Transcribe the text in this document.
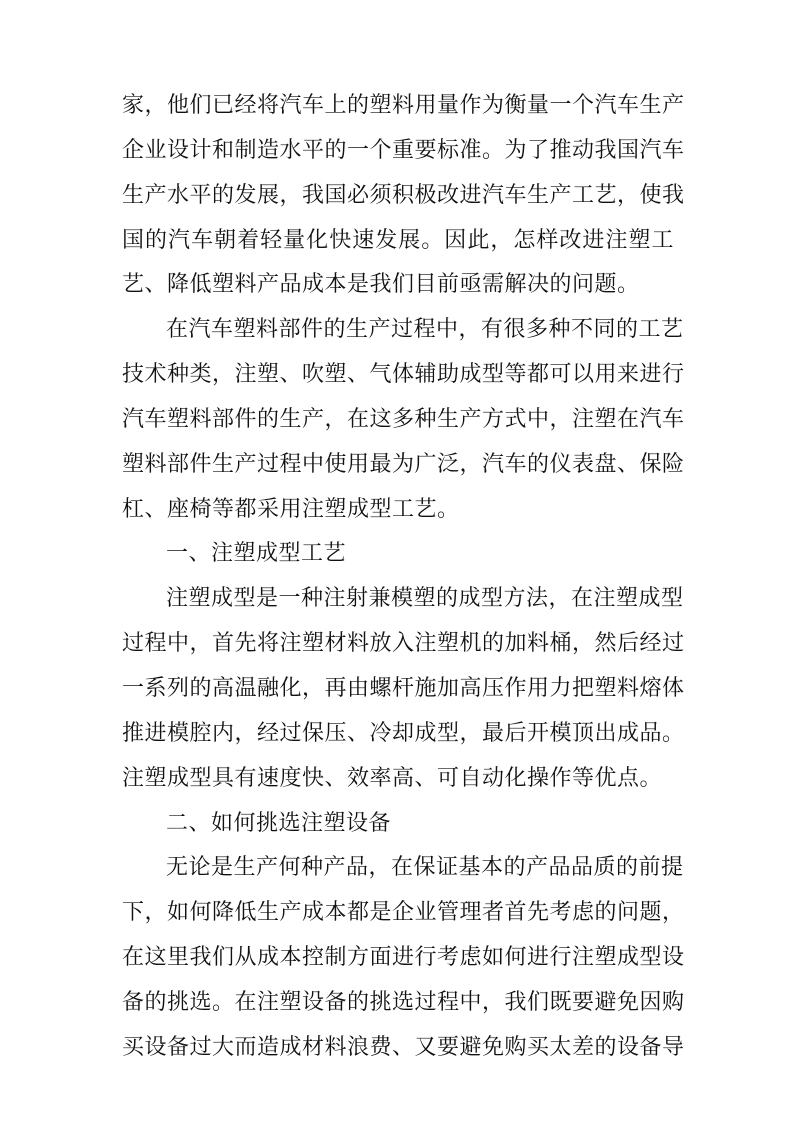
家，他们已经将汽车上的塑料用量作为衡量一个汽车生产
企业设计和制造水平的一个重要标准。为了推动我国汽车
生产水平的发展，我国必须积极改进汽车生产工艺，使我
国的汽车朝着轻量化快速发展。因此，怎样改进注塑工
艺、降低塑料产品成本是我们目前亟需解决的问题。
在汽车塑料部件的生产过程中，有很多种不同的工艺
技术种类，注塑、吹塑、气体辅助成型等都可以用来进行
汽车塑料部件的生产，在这多种生产方式中，注塑在汽车
塑料部件生产过程中使用最为广泛，汽车的仪表盘、保险
杠、座椅等都采用注塑成型工艺。
一、注塑成型工艺
注塑成型是一种注射兼模塑的成型方法，在注塑成型
过程中，首先将注塑材料放入注塑机的加料桶，然后经过
一系列的高温融化，再由螺杆施加高压作用力把塑料熔体
推进模腔内，经过保压、冷却成型，最后开模顶出成品。
注塑成型具有速度快、效率高、可自动化操作等优点。
二、如何挑选注塑设备
无论是生产何种产品，在保证基本的产品品质的前提
下，如何降低生产成本都是企业管理者首先考虑的问题，
在这里我们从成本控制方面进行考虑如何进行注塑成型设
备的挑选。在注塑设备的挑选过程中，我们既要避免因购
买设备过大而造成材料浪费、又要避免购买太差的设备导
